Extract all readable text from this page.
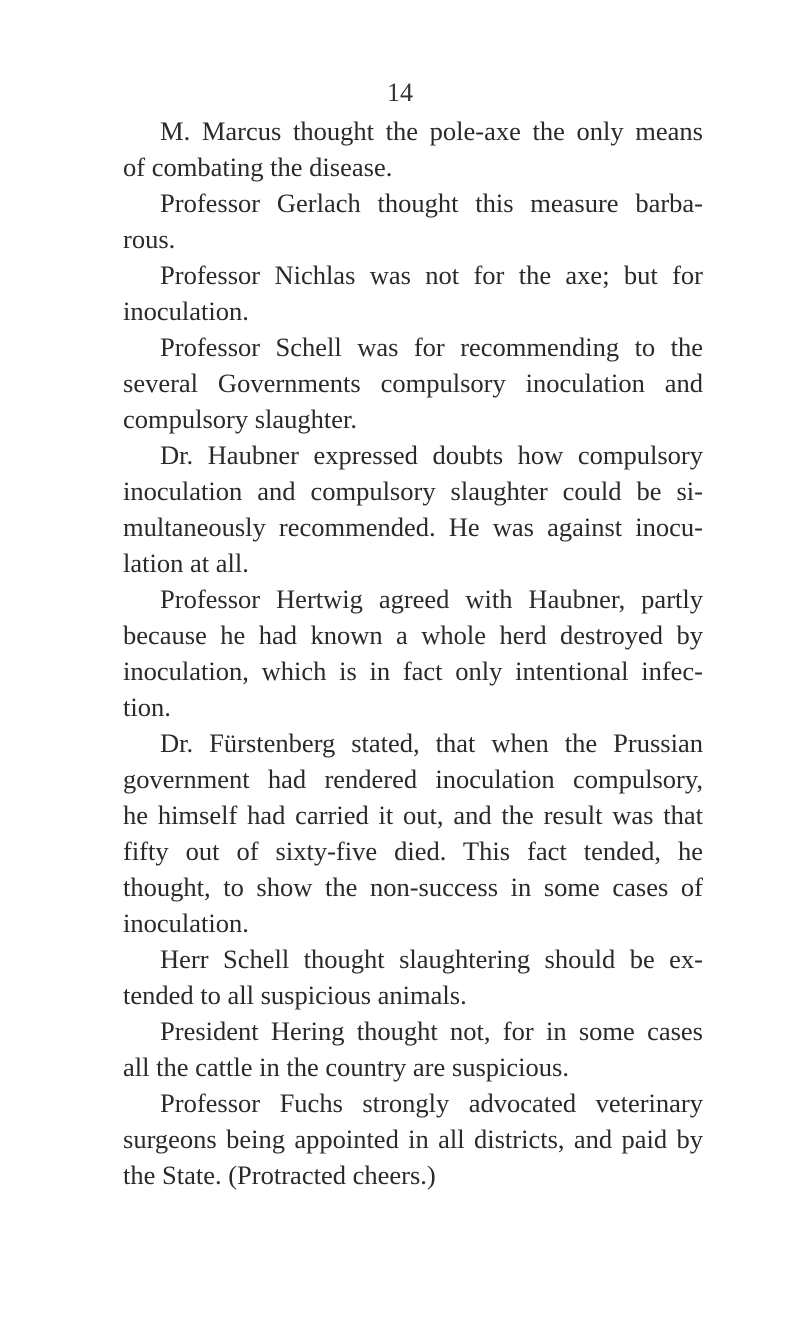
14
M. Marcus thought the pole-axe the only means
of combating the disease.
Professor Gerlach thought this measure barba-
rous.
Professor Nichlas was not for the axe; but for
inoculation.
Professor Schell was for recommending to the
several Governments compulsory inoculation and
compulsory slaughter.
Dr. Haubner expressed doubts how compulsory
inoculation and compulsory slaughter could be si-
multaneously recommended. He was against inocu-
lation at all.
Professor Hertwig agreed with Haubner, partly
because he had known a whole herd destroyed by
inoculation, which is in fact only intentional infec-
tion.
Dr. Fürstenberg stated, that when the Prussian
government had rendered inoculation compulsory,
he himself had carried it out, and the result was that
fifty out of sixty-five died. This fact tended, he
thought, to show the non-success in some cases of
inoculation.
Herr Schell thought slaughtering should be ex-
tended to all suspicious animals.
President Hering thought not, for in some cases
all the cattle in the country are suspicious.
Professor Fuchs strongly advocated veterinary
surgeons being appointed in all districts, and paid by
the State. (Protracted cheers.)
